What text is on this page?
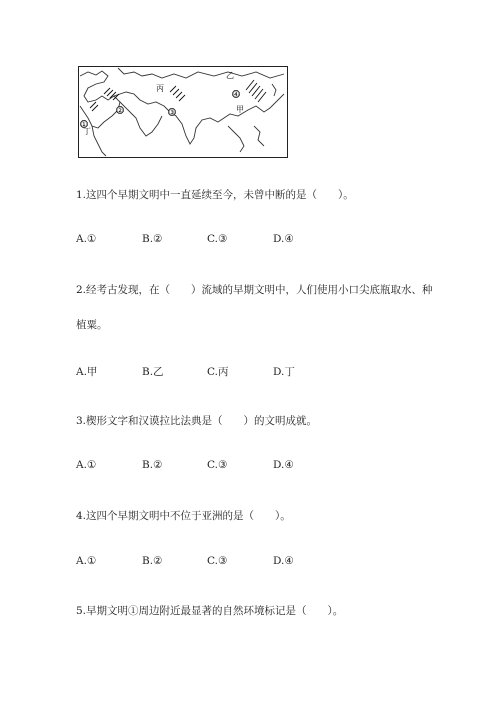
①
②	③
④
甲
乙
丙
丁
1.这四个早期文明中一直延续至今，未曾中断的是（　　）。
A.①	B.②	C.③	D.④
2.经考古发现，在（　　）流域的早期文明中，人们使用小口尖底瓶取水、种
植粟。
A.甲	B.乙	C.丙	D.丁
3.楔形文字和汉谟拉比法典是（　　）的文明成就。
A.①	B.②	C.③	D.④
4.这四个早期文明中不位于亚洲的是（　　）。
A.①	B.②	C.③	D.④
5.早期文明①周边附近最显著的自然环境标记是（　　）。
